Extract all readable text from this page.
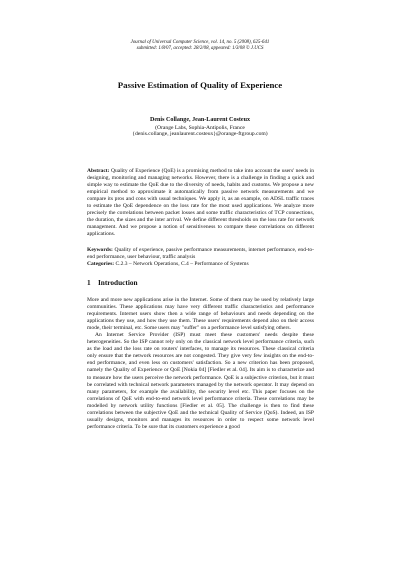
Journal of Universal Computer Science, vol. 14, no. 5 (2008), 625-641
submitted: 1/8/07, accepted: 28/2/08, appeared: 1/3/08 © J.UCS
Passive Estimation of Quality of Experience
Denis Collange, Jean-Laurent Costeux
(Orange Labs, Sophia-Antipolis, France
{denis.collange, jeanlaurent.costeux}@orange-ftgroup.com)
Abstract: Quality of Experience (QoE) is a promising method to take into account the users' needs in designing, monitoring and managing networks. However, there is a challenge in finding a quick and simple way to estimate the QoE due to the diversity of needs, habits and customs. We propose a new empirical method to approximate it automatically from passive network measurements and we compare its pros and cons with usual techniques. We apply it, as an example, on ADSL traffic traces to estimate the QoE dependence on the loss rate for the most used applications. We analyze more precisely the correlations between packet losses and some traffic characteristics of TCP connections, the duration, the sizes and the inter arrival. We define different thresholds on the loss rate for network management. And we propose a notion of sensitiveness to compare these correlations on different applications.
Keywords: Quality of experience, passive performance measurements, internet performance, end-to-end performance, user behaviour, traffic analysis
Categories: C.2.3 – Network Operations, C.4 – Performance of Systems
1 Introduction

More and more new applications arise in the Internet. Some of them may be used by relatively large communities. These applications may have very different traffic characteristics and performance requirements. Internet users show then a wide range of behaviours and needs depending on the applications they use, and how they use them. These users' requirements depend also on their access mode, their terminal, etc. Some users may "suffer" on a performance level satisfying others.

An Internet Service Provider (ISP) must meet these customers' needs despite these heterogeneities. So the ISP cannot rely only on the classical network level performance criteria, such as the load and the loss rate on routers' interfaces, to manage its resources. These classical criteria only ensure that the network resources are not congested. They give very few insights on the end-to-end performance, and even less on customers' satisfaction. So a new criterion has been proposed, namely the Quality of Experience or QoE [Nokia 04] [Fiedler et al. 04]. Its aim is to characterize and to measure how the users perceive the network performance. QoE is a subjective criterion, but it must be correlated with technical network parameters managed by the network operator. It may depend on many parameters, for example the availability, the security level etc. This paper focuses on the correlations of QoE with end-to-end network level performance criteria. These correlations may be modelled by network utility functions [Fiedler et al. 05]. The challenge is then to find these correlations between the subjective QoE and the technical Quality of Service (QoS). Indeed, an ISP usually designs, monitors and manages its resources in order to respect some network level performance criteria. To be sure that its customers experience a good
